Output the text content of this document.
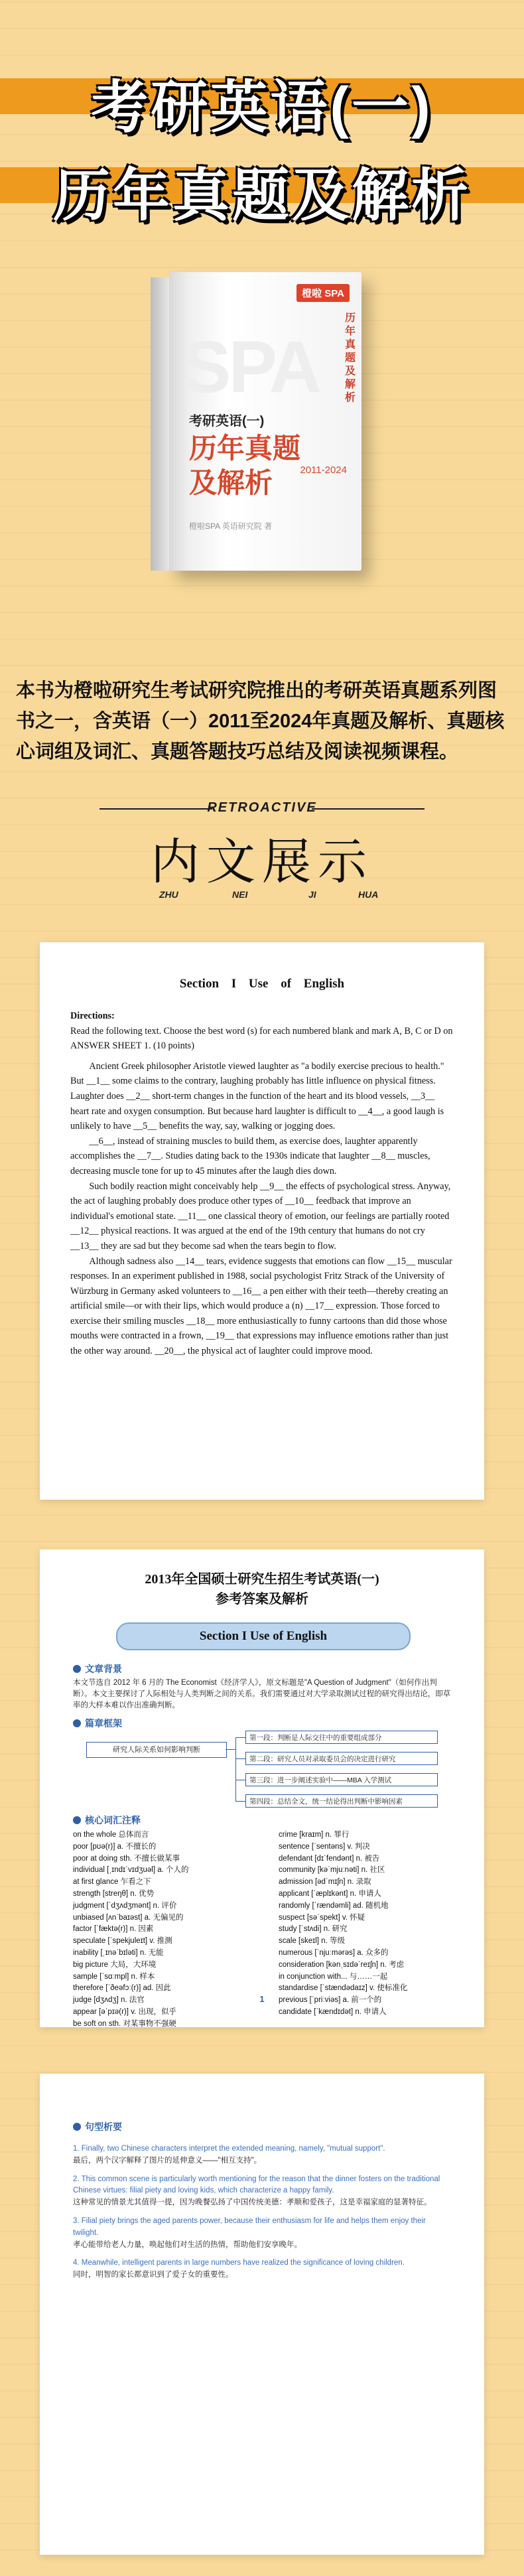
考研英语(一)
历年真题及解析
橙啦 SPA
SPA
历年真题及解析
考研英语(一)
历年真题及解析	2011-2024
橙啦SPA 英语研究院 著
本书为橙啦研究生考试研究院推出的考研英语真题系列图书之一，含英语（一）2011至2024年真题及解析、真题核心词组及词汇、真题答题技巧总结及阅读视频课程。
RETROACTIVE
内文展示
ZHU	NEI	JI	HUA
Section I Use of English

Directions:

Read the following text. Choose the best word (s) for each numbered blank and mark A, B, C or D on ANSWER SHEET 1. (10 points)

Ancient Greek philosopher Aristotle viewed laughter as "a bodily exercise precious to health." But __1__ some claims to the contrary, laughing probably has little influence on physical fitness. Laughter does __2__ short-term changes in the function of the heart and its blood vessels, __3__ heart rate and oxygen consumption. But because hard laughter is difficult to __4__, a good laugh is unlikely to have __5__ benefits the way, say, walking or jogging does.

__6__, instead of straining muscles to build them, as exercise does, laughter apparently accomplishes the __7__. Studies dating back to the 1930s indicate that laughter __8__ muscles, decreasing muscle tone for up to 45 minutes after the laugh dies down.

Such bodily reaction might conceivably help __9__ the effects of psychological stress. Anyway, the act of laughing probably does produce other types of __10__ feedback that improve an individual's emotional state. __11__ one classical theory of emotion, our feelings are partially rooted __12__ physical reactions. It was argued at the end of the 19th century that humans do not cry __13__ they are sad but they become sad when the tears begin to flow.

Although sadness also __14__ tears, evidence suggests that emotions can flow __15__ muscular responses. In an experiment published in 1988, social psychologist Fritz Strack of the University of Würzburg in Germany asked volunteers to __16__ a pen either with their teeth—thereby creating an artificial smile—or with their lips, which would produce a (n) __17__ expression. Those forced to exercise their smiling muscles __18__ more enthusiastically to funny cartoons than did those whose mouths were contracted in a frown, __19__ that expressions may influence emotions rather than just the other way around. __20__, the physical act of laughter could improve mood.

2013年全国硕士研究生招生考试英语(一)
参考答案及解析
Section I Use of English
文章背景
本文节选自 2012 年 6 月的 The Economist《经济学人》，原文标题是"A Question of Judgment"（如何作出判断）。本文主要探讨了人际相处与人类判断之间的关系。我们需要通过对大学录取测试过程的研究得出结论，即草率的大样本难以作出准确判断。
篇章框架
研究人际关系如何影响判断
第一段：判断是人际交往中的重要组成部分
第二段：研究人员对录取委员会的决定进行研究
第三段：进一步阐述实验中——MBA 入学测试
第四段：总结全文，统一结论得出判断中影响因素
核心词汇注释
on the whole 总体而言
poor [pʊə(r)] a. 不擅长的
poor at doing sth. 不擅长做某事
individual [ˌɪndɪˈvɪdʒuəl] a. 个人的
at first glance 乍看之下
strength [streŋθ] n. 优势
judgment [ˈdʒʌdʒmənt] n. 评价
unbiased [ʌnˈbaɪəst] a. 无偏见的
factor [ˈfæktə(r)] n. 因素
speculate [ˈspekjuleɪt] v. 推测
inability [ˌɪnəˈbɪləti] n. 无能
big picture 大局，大环境
sample [ˈsɑːmpl] n. 样本
therefore [ˈðeəfɔː(r)] ad. 因此
judge [dʒʌdʒ] n. 法官
appear [əˈpɪə(r)] v. 出现，似乎
be soft on sth. 对某事物不强硬
crime [kraɪm] n. 罪行
sentence [ˈsentəns] v. 判决
defendant [dɪˈfendənt] n. 被告
community [kəˈmjuːnəti] n. 社区
admission [ədˈmɪʃn] n. 录取
applicant [ˈæplɪkənt] n. 申请人
randomly [ˈrændəmli] ad. 随机地
suspect [səˈspekt] v. 怀疑
study [ˈstʌdi] n. 研究
scale [skeɪl] n. 等级
numerous [ˈnjuːmərəs] a. 众多的
consideration [kənˌsɪdəˈreɪʃn] n. 考虑
in conjunction with... 与……一起
standardise [ˈstændədaɪz] v. 使标准化
previous [ˈpriːviəs] a. 前一个的
candidate [ˈkændɪdət] n. 申请人
1
句型析要
1. Finally, two Chinese characters interpret the extended meaning, namely, "mutual support".
最后，两个汉字解释了图片的延伸意义——"相互支持"。
2. This common scene is particularly worth mentioning for the reason that the dinner fosters on the traditional Chinese virtues: filial piety and loving kids, which characterize a happy family.
这种常见的情景尤其值得一提，因为晚餐弘扬了中国传统美德：孝顺和爱孩子，这是幸福家庭的显著特征。
3. Filial piety brings the aged parents power, because their enthusiasm for life and helps them enjoy their twilight.
孝心能带给老人力量，唤起他们对生活的热情，帮助他们安享晚年。
4. Meanwhile, intelligent parents in large numbers have realized the significance of loving children.
同时，明智的家长都意识到了爱子女的重要性。
